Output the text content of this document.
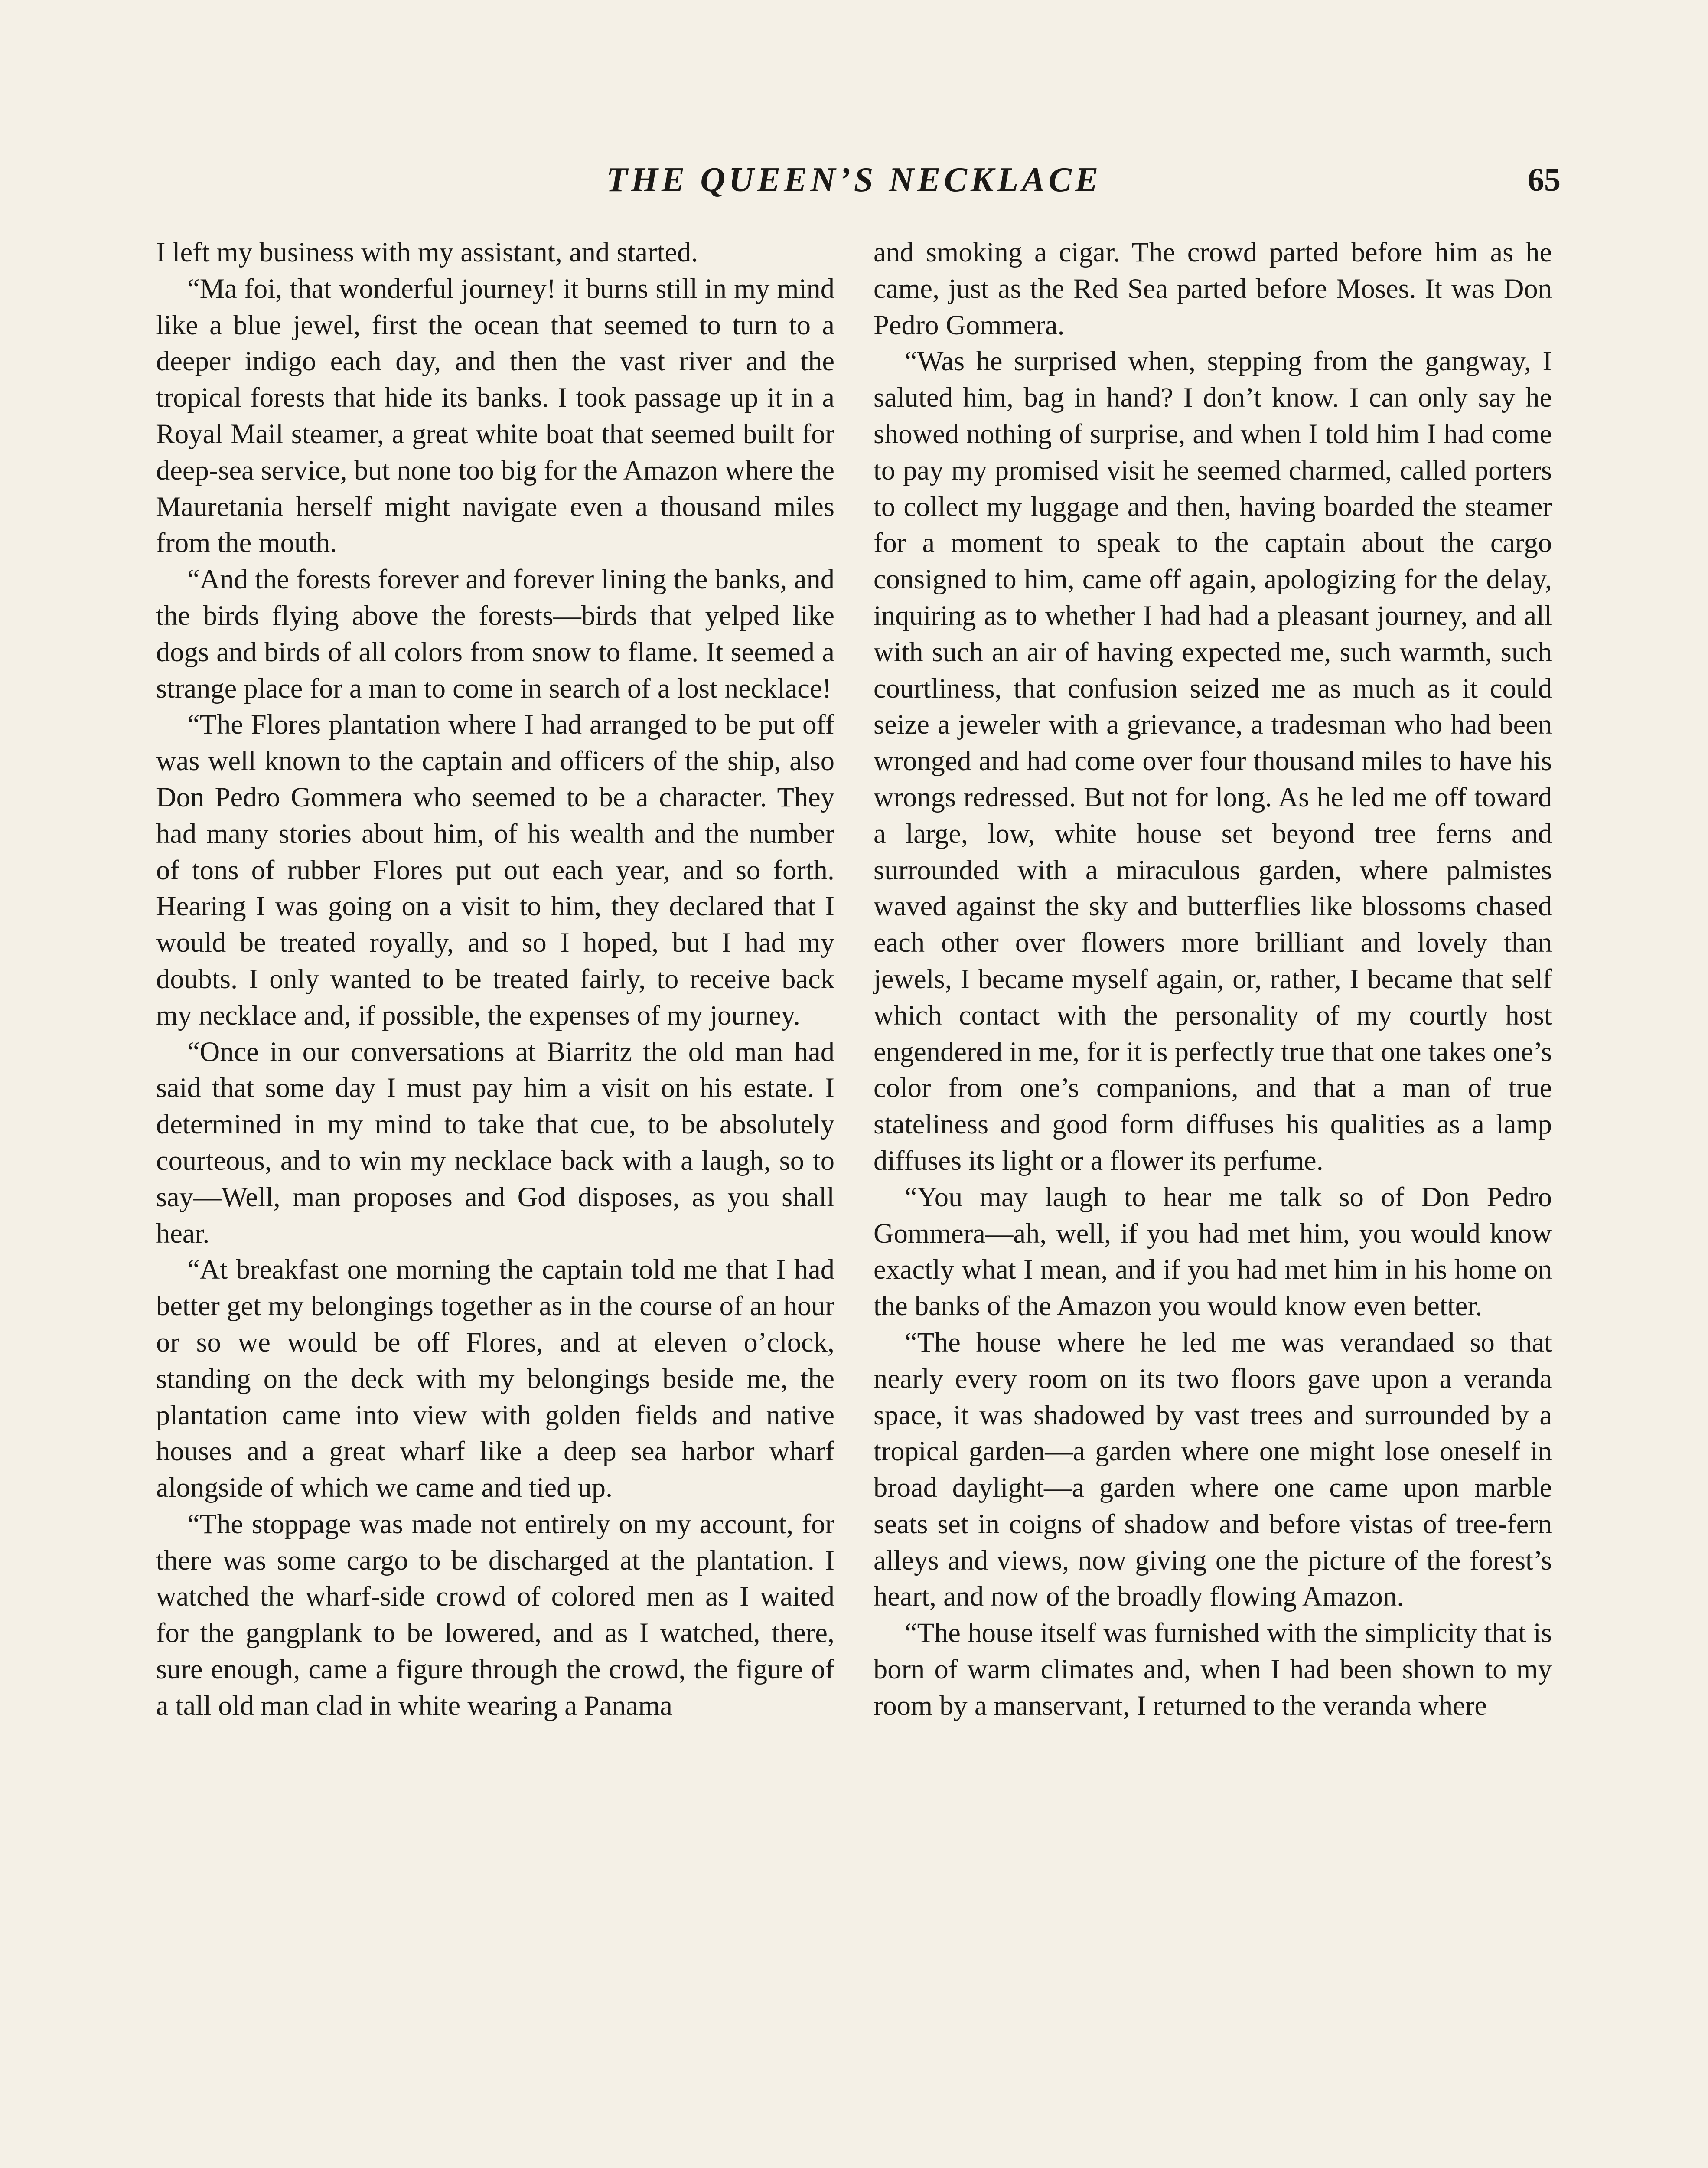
THE QUEEN’S NECKLACE	65

I left my business with my assistant, and started.

“Ma foi, that wonderful journey! it burns still in my mind like a blue jewel, first the ocean that seemed to turn to a deeper indigo each day, and then the vast river and the tropical forests that hide its banks. I took passage up it in a Royal Mail steamer, a great white boat that seemed built for deep-sea service, but none too big for the Amazon where the Mauretania herself might navigate even a thousand miles from the mouth.

“And the forests forever and forever lining the banks, and the birds flying above the forests—birds that yelped like dogs and birds of all colors from snow to flame. It seemed a strange place for a man to come in search of a lost necklace!

“The Flores plantation where I had arranged to be put off was well known to the captain and officers of the ship, also Don Pedro Gommera who seemed to be a character. They had many stories about him, of his wealth and the number of tons of rubber Flores put out each year, and so forth. Hearing I was going on a visit to him, they declared that I would be treated royally, and so I hoped, but I had my doubts. I only wanted to be treated fairly, to receive back my necklace and, if possible, the expenses of my journey.

“Once in our conversations at Biarritz the old man had said that some day I must pay him a visit on his estate. I determined in my mind to take that cue, to be absolutely courteous, and to win my necklace back with a laugh, so to say—Well, man proposes and God disposes, as you shall hear.

“At breakfast one morning the captain told me that I had better get my belongings together as in the course of an hour or so we would be off Flores, and at eleven o’clock, standing on the deck with my belongings beside me, the plantation came into view with golden fields and native houses and a great wharf like a deep sea harbor wharf alongside of which we came and tied up.

“The stoppage was made not entirely on my account, for there was some cargo to be discharged at the plantation. I watched the wharf-side crowd of colored men as I waited for the gangplank to be lowered, and as I watched, there, sure enough, came a figure through the crowd, the figure of a tall old man clad in white wearing a Panama

and smoking a cigar. The crowd parted before him as he came, just as the Red Sea parted before Moses. It was Don Pedro Gommera.

“Was he surprised when, stepping from the gangway, I saluted him, bag in hand? I don’t know. I can only say he showed nothing of surprise, and when I told him I had come to pay my promised visit he seemed charmed, called porters to collect my luggage and then, having boarded the steamer for a moment to speak to the captain about the cargo consigned to him, came off again, apologizing for the delay, inquiring as to whether I had had a pleasant journey, and all with such an air of having expected me, such warmth, such courtliness, that confusion seized me as much as it could seize a jeweler with a grievance, a tradesman who had been wronged and had come over four thousand miles to have his wrongs redressed. But not for long. As he led me off toward a large, low, white house set beyond tree ferns and surrounded with a miraculous garden, where palmistes waved against the sky and butterflies like blossoms chased each other over flowers more brilliant and lovely than jewels, I became myself again, or, rather, I became that self which contact with the personality of my courtly host engendered in me, for it is perfectly true that one takes one’s color from one’s companions, and that a man of true stateliness and good form diffuses his qualities as a lamp diffuses its light or a flower its perfume.

“You may laugh to hear me talk so of Don Pedro Gommera—ah, well, if you had met him, you would know exactly what I mean, and if you had met him in his home on the banks of the Amazon you would know even better.

“The house where he led me was verandaed so that nearly every room on its two floors gave upon a veranda space, it was shadowed by vast trees and surrounded by a tropical garden—a garden where one might lose oneself in broad daylight—a garden where one came upon marble seats set in coigns of shadow and before vistas of tree-fern alleys and views, now giving one the picture of the forest’s heart, and now of the broadly flowing Amazon.

“The house itself was furnished with the simplicity that is born of warm climates and, when I had been shown to my room by a manservant, I returned to the veranda where
